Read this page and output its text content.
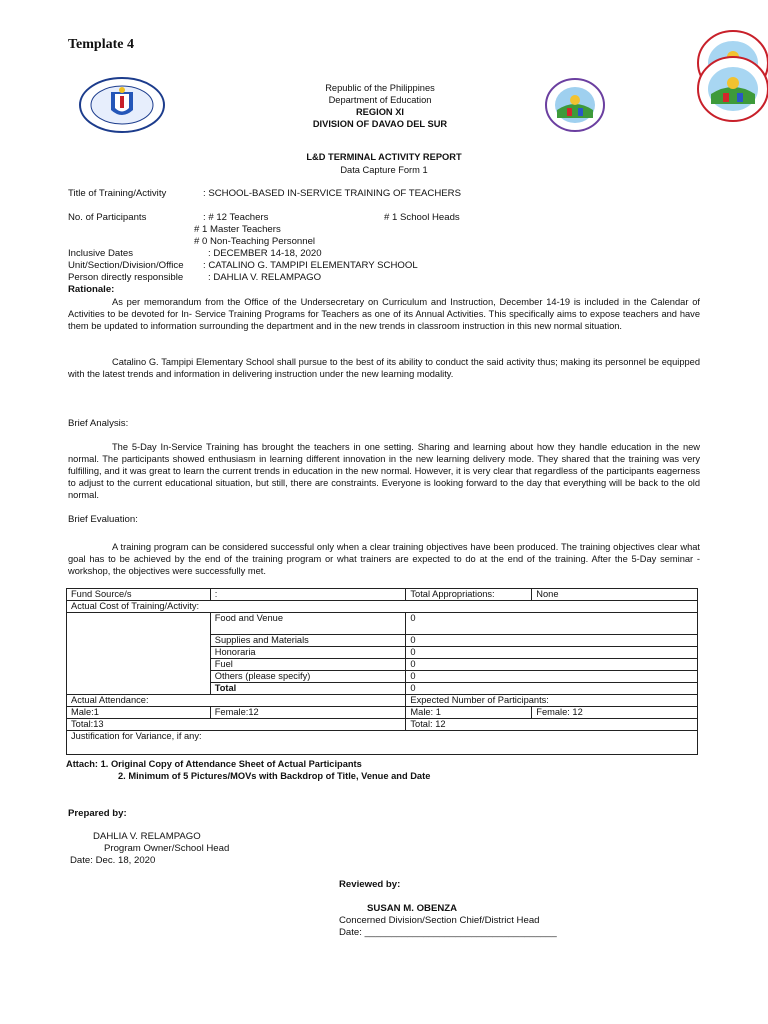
Template 4
Republic of the Philippines
Department of Education
REGION XI
DIVISION OF DAVAO DEL SUR
L&D TERMINAL ACTIVITY REPORT
Data Capture Form 1
Title of Training/Activity	: SCHOOL-BASED IN-SERVICE TRAINING OF TEACHERS
No. of Participants	: # 12 Teachers	# 1 School Heads
# 1 Master Teachers
# 0 Non-Teaching Personnel
Inclusive Dates	: DECEMBER 14-18, 2020
Unit/Section/Division/Office : CATALINO G. TAMPIPI ELEMENTARY SCHOOL
Person directly responsible	: DAHLIA V. RELAMPAGO
Rationale:
As per memorandum from the Office of the Undersecretary on Curriculum and Instruction, December 14-19 is included in the Calendar of Activities to be devoted for In- Service Training Programs for Teachers as one of its Annual Activities. This specifically aims to expose teachers and have them be updated to information surrounding the department and in the new trends in classroom instruction in this new normal situation.
Catalino G. Tampipi Elementary School shall pursue to the best of its ability to conduct the said activity thus; making its personnel be equipped with the latest trends and information in delivering instruction under the new learning modality.
Brief Analysis:
The 5-Day In-Service Training has brought the teachers in one setting. Sharing and learning about how they handle education in the new normal. The participants showed enthusiasm in learning different innovation in the new learning delivery mode. They shared that the training was very fulfilling, and it was great to learn the current trends in education in the new normal. However, it is very clear that regardless of the participants eagerness to adjust to the current educational situation, but still, there are constraints. Everyone is looking forward to the day that everything will be back to the old normal.
Brief Evaluation:
A training program can be considered successful only when a clear training objectives have been produced. The training objectives clear what goal has to be achieved by the end of the training program or what trainers are expected to do at the end of the training. After the 5-Day seminar -workshop, the objectives were successfully met.
Fund Source/s	:	Total Appropriations:	None
Actual Cost of Training/Activity:			
	Food and Venue	0	
	Supplies and Materials	0	
	Honoraria	0	
	Fuel	0	
	Others (please specify)	0	
	Total	0	
Actual Attendance:		Expected Number of Participants:	
Male:1	Female:12	Male: 1	Female: 12
Total:13		Total: 12	
Justification for Variance, if any:			
Attach: 1. Original Copy of Attendance Sheet of Actual Participants
2. Minimum of 5 Pictures/MOVs with Backdrop of Title, Venue and Date
Prepared by:
DAHLIA V. RELAMPAGO
Program Owner/School Head
Date: Dec. 18, 2020
Reviewed by:
SUSAN M. OBENZA
Concerned Division/Section Chief/District Head
Date: ____________________________________
